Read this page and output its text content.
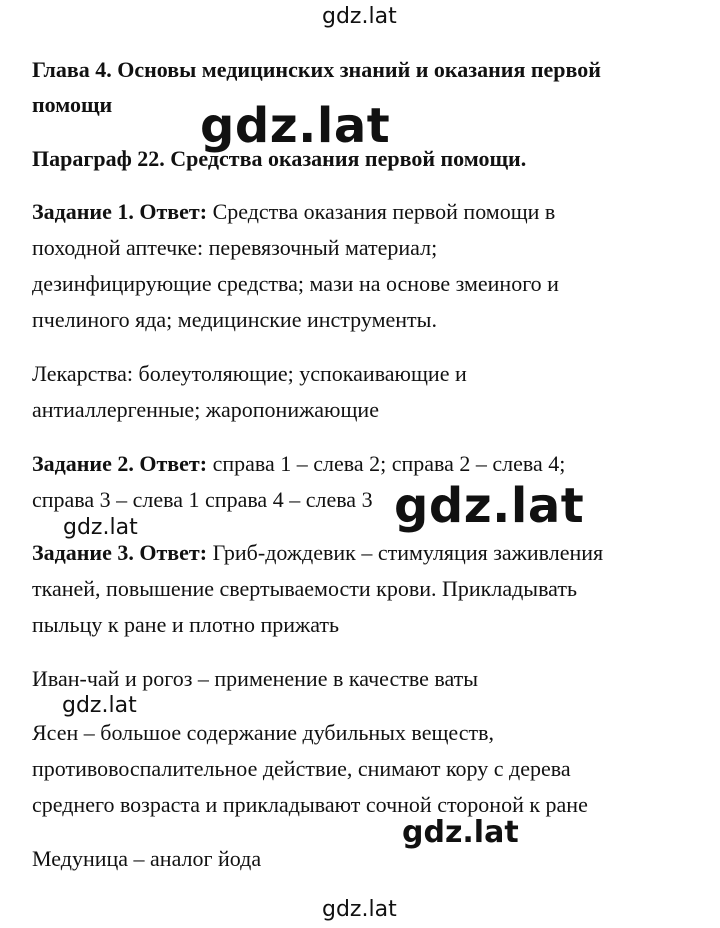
Глава 4. Основы медицинских знаний и оказания первой
помощи
Параграф 22. Средства оказания первой помощи.
Задание 1. Ответ: Средства оказания первой помощи в
походной аптечке: перевязочный материал;
дезинфицирующие средства; мази на основе змеиного и
пчелиного яда; медицинские инструменты.
Лекарства: болеутоляющие; успокаивающие и
антиаллергенные; жаропонижающие
Задание 2. Ответ: справа 1 – слева 2; справа 2 – слева 4;
справа 3 – слева 1 справа 4 – слева 3
Задание 3. Ответ: Гриб-дождевик – стимуляция заживления
тканей, повышение свертываемости крови. Прикладывать
пыльцу к ране и плотно прижать
Иван-чай и рогоз – применение в качестве ваты
Ясен – большое содержание дубильных веществ,
противовоспалительное действие, снимают кору с дерева
среднего возраста и прикладывают сочной стороной к ране
Медуница – аналог йода
gdz.lat
gdz.lat
gdz.lat
gdz.lat
gdz.lat
gdz.lat
gdz.lat
